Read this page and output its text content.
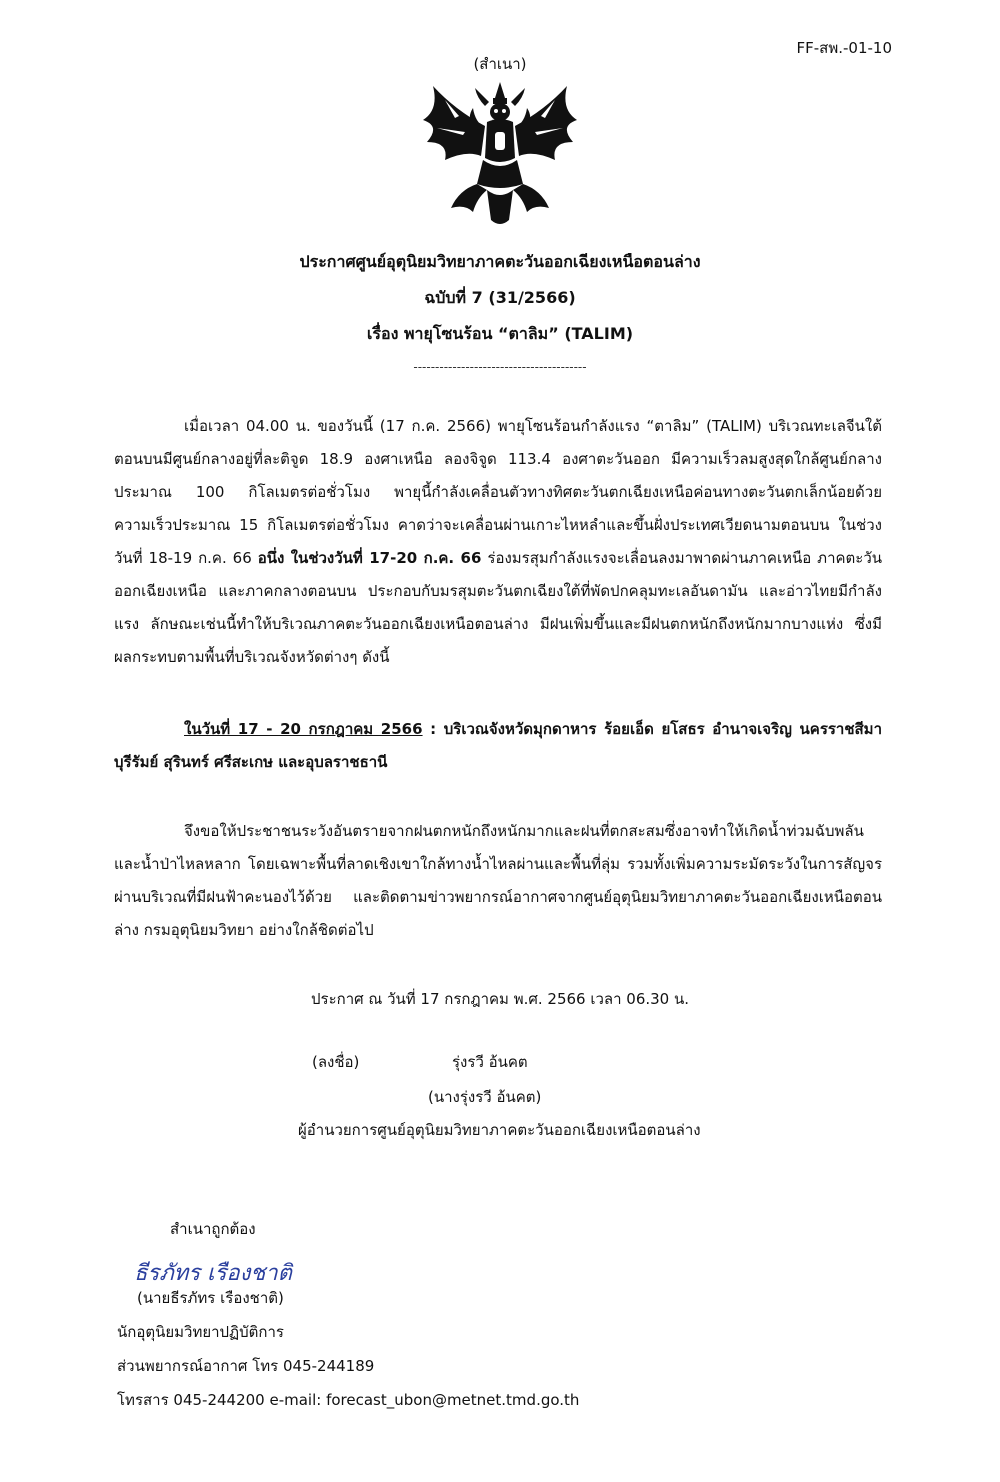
FF-สพ.-01-10
(สำเนา)
ประกาศศูนย์อุตุนิยมวิทยาภาคตะวันออกเฉียงเหนือตอนล่าง
ฉบับที่ 7 (31/2566)
เรื่อง พายุโซนร้อน “ตาลิม” (TALIM)
----------------------------------------

เมื่อเวลา 04.00 น. ของวันนี้ (17 ก.ค. 2566) พายุโซนร้อนกำลังแรง “ตาลิม” (TALIM) บริเวณทะเลจีนใต้ตอนบนมีศูนย์กลางอยู่ที่ละติจูด 18.9 องศาเหนือ ลองจิจูด 113.4 องศาตะวันออก มีความเร็วลมสูงสุดใกล้ศูนย์กลางประมาณ 100 กิโลเมตรต่อชั่วโมง พายุนี้กำลังเคลื่อนตัวทางทิศตะวันตกเฉียงเหนือค่อนทางตะวันตกเล็กน้อยด้วยความเร็วประมาณ 15 กิโลเมตรต่อชั่วโมง คาดว่าจะเคลื่อนผ่านเกาะไหหลำและขึ้นฝั่งประเทศเวียดนามตอนบน ในช่วงวันที่ 18-19 ก.ค. 66 อนึ่ง ในช่วงวันที่ 17-20 ก.ค. 66 ร่องมรสุมกำลังแรงจะเลื่อนลงมาพาดผ่านภาคเหนือ ภาคตะวันออกเฉียงเหนือ และภาคกลางตอนบน ประกอบกับมรสุมตะวันตกเฉียงใต้ที่พัดปกคลุมทะเลอันดามัน และอ่าวไทยมีกำลังแรง ลักษณะเช่นนี้ทำให้บริเวณภาคตะวันออกเฉียงเหนือตอนล่าง มีฝนเพิ่มขึ้นและมีฝนตกหนักถึงหนักมากบางแห่ง ซึ่งมีผลกระทบตามพื้นที่บริเวณจังหวัดต่างๆ ดังนี้

ในวันที่ 17 - 20 กรกฎาคม 2566 : บริเวณจังหวัดมุกดาหาร ร้อยเอ็ด ยโสธร อำนาจเจริญ นครราชสีมา บุรีรัมย์ สุรินทร์ ศรีสะเกษ และอุบลราชธานี

จึงขอให้ประชาชนระวังอันตรายจากฝนตกหนักถึงหนักมากและฝนที่ตกสะสมซึ่งอาจทำให้เกิดน้ำท่วมฉับพลันและน้ำป่าไหลหลาก โดยเฉพาะพื้นที่ลาดเชิงเขาใกล้ทางน้ำไหลผ่านและพื้นที่ลุ่ม รวมทั้งเพิ่มความระมัดระวังในการสัญจรผ่านบริเวณที่มีฝนฟ้าคะนองไว้ด้วย และติดตามข่าวพยากรณ์อากาศจากศูนย์อุตุนิยมวิทยาภาคตะวันออกเฉียงเหนือตอนล่าง กรมอุตุนิยมวิทยา อย่างใกล้ชิดต่อไป

ประกาศ ณ วันที่ 17 กรกฎาคม พ.ศ. 2566 เวลา 06.30 น.
(ลงชื่อ)	รุ่งรวี อ้นคต
(นางรุ่งรวี อ้นคต)
ผู้อำนวยการศูนย์อุตุนิยมวิทยาภาคตะวันออกเฉียงเหนือตอนล่าง
สำเนาถูกต้อง
ธีรภัทร เรืองชาติ
(นายธีรภัทร เรืองชาติ)
นักอุตุนิยมวิทยาปฏิบัติการ
ส่วนพยากรณ์อากาศ โทร 045-244189
โทรสาร 045-244200 e-mail: forecast_ubon@metnet.tmd.go.th
